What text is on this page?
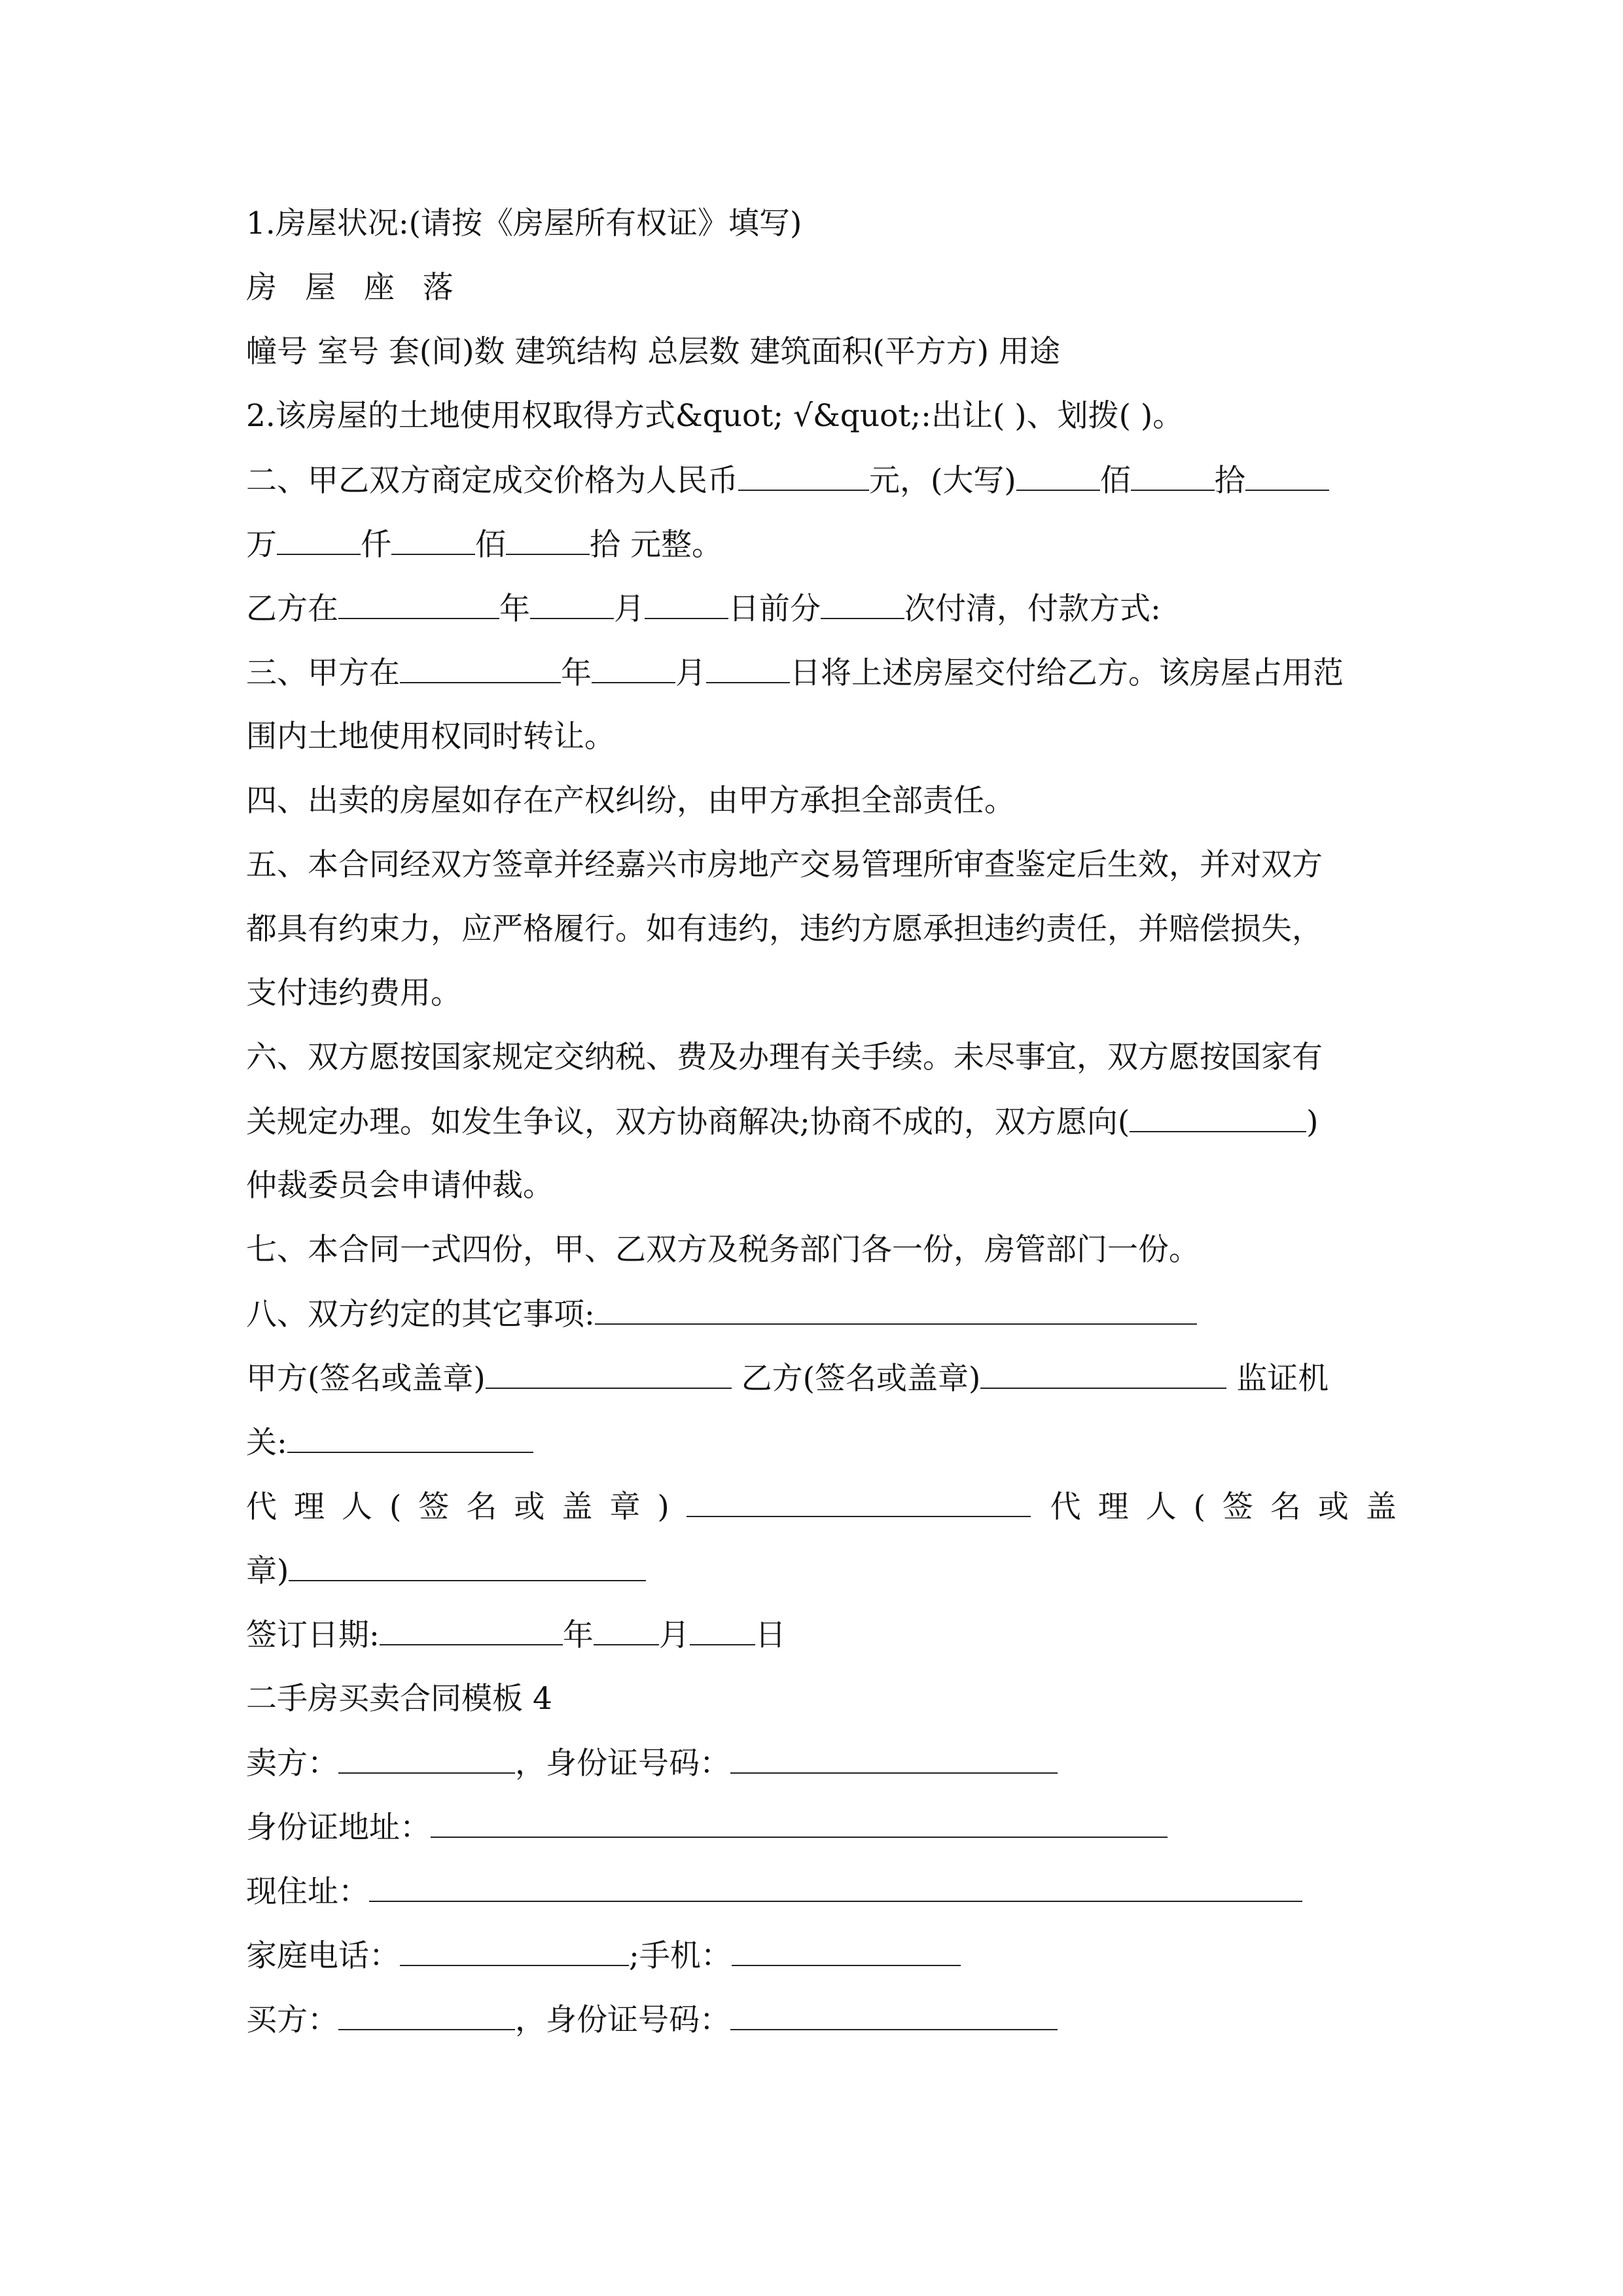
1.房屋状况:(请按《房屋所有权证》填写)
房 屋 座 落
幢号 室号 套(间)数 建筑结构 总层数 建筑面积(平方方) 用途
2.该房屋的土地使用权取得方式&quot; √&quot;:出让( )、划拨( )。
二、甲乙双方商定成交价格为人民币	元，(大写)	佰	拾
万	仟	佰	拾 元整。
乙方在	年	月	日前分	次付清，付款方式:
三、甲方在	年	月	日将上述房屋交付给乙方。该房屋占用范
围内土地使用权同时转让。
四、出卖的房屋如存在产权纠纷，由甲方承担全部责任。
五、本合同经双方签章并经嘉兴市房地产交易管理所审查鉴定后生效，并对双方
都具有约束力，应严格履行。如有违约，违约方愿承担违约责任，并赔偿损失，
支付违约费用。
六、双方愿按国家规定交纳税、费及办理有关手续。未尽事宜，双方愿按国家有
关规定办理。如发生争议，双方协商解决;协商不成的，双方愿向(	)
仲裁委员会申请仲裁。
七、本合同一式四份，甲、乙双方及税务部门各一份，房管部门一份。
八、双方约定的其它事项:
甲方(签名或盖章)	乙方(签名或盖章)	监证机
关:
代理人(签名或盖章)	代理人(签名或盖
章)
签订日期:	年 月 日
二手房买卖合同模板 4
卖方：	，身份证号码：
身份证地址：
现住址：
家庭电话：	;手机：
买方：	，身份证号码：
